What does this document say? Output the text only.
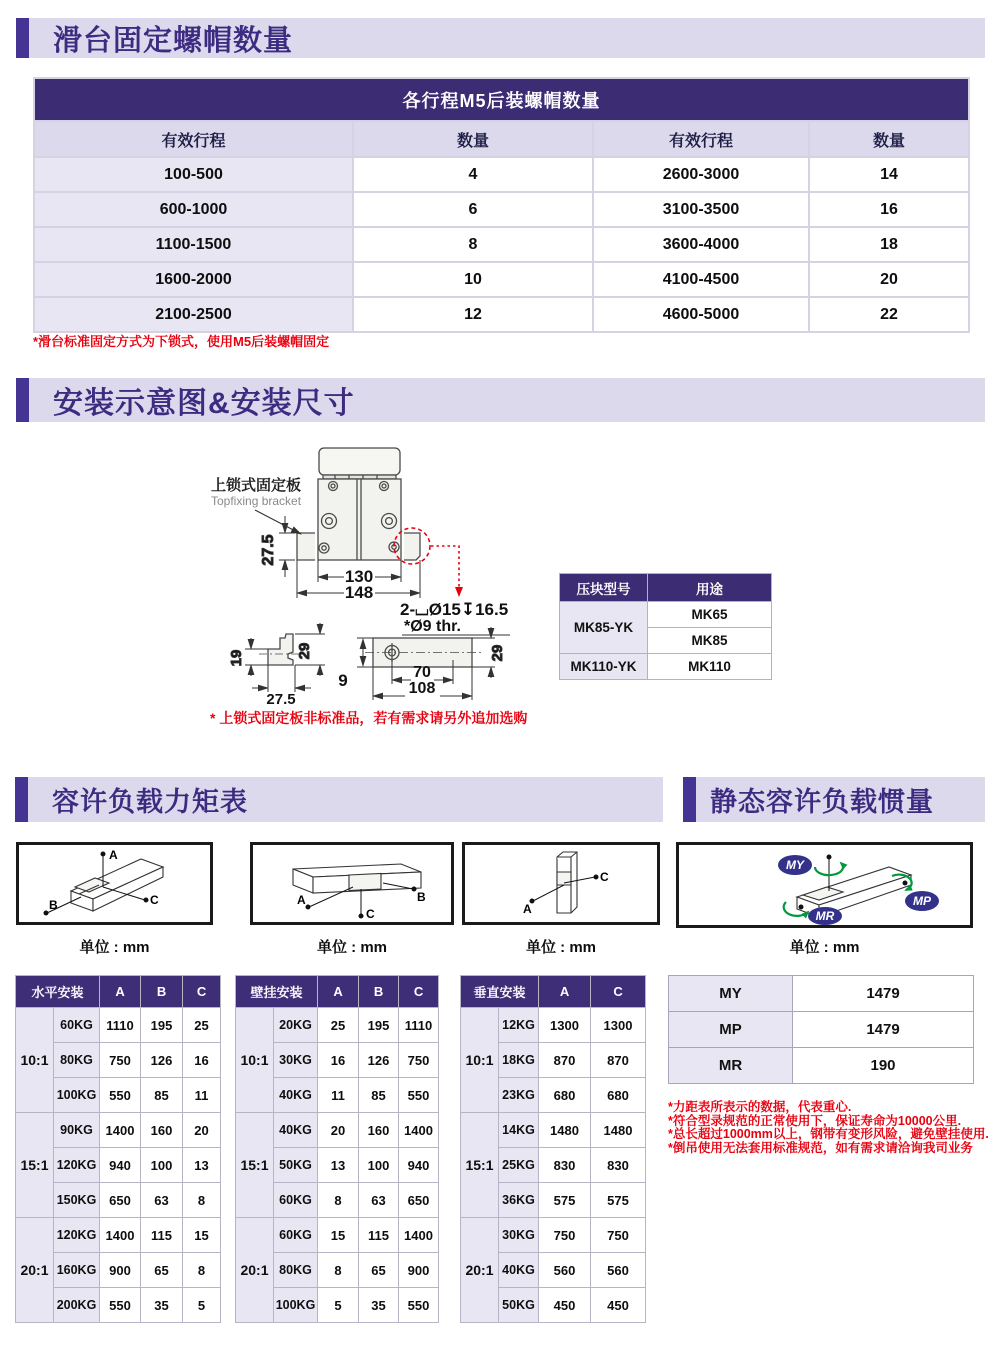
滑台固定螺帽数量
各行程M5后装螺帽数量			
有效行程	数量	有效行程	数量
100-500	4	2600-3000	14
600-1000	6	3100-3500	16
1100-1500	8	3600-4000	18
1600-2000	10	4100-4500	20
2100-2500	12	4600-5000	22
*滑台标准固定方式为下锁式，使用M5后装螺帽固定
安装示意图&安装尺寸
上锁式固定板
Topfixing bracket
27.5
130
148
2-⌴Ø15↧16.5
*Ø9 thr.
19	29
27.5
9	70
108
29
压块型号	用途
MK85-YK	MK65
	MK85
MK110-YK	MK110
* 上锁式固定板非标准品，若有需求请另外追加选购
容许负载力矩表	静态容许负载惯量
A
B	C	A	B
C	A
C
MY
MP
MR
单位 : mm	单位 : mm	单位 : mm	单位 : mm
水平安装		A	B	C
10:1	60KG	1110	195	25
	80KG	750	126	16
	100KG	550	85	11
15:1	90KG	1400	160	20
	120KG	940	100	13
	150KG	650	63	8
20:1	120KG	1400	115	15
	160KG	900	65	8
	200KG	550	35	5
壁挂安装		A	B	C
10:1	20KG	25	195	1110
	30KG	16	126	750
	40KG	11	85	550
15:1	40KG	20	160	1400
	50KG	13	100	940
	60KG	8	63	650
20:1	60KG	15	115	1400
	80KG	8	65	900
	100KG	5	35	550
垂直安装		A	C
10:1	12KG	1300	1300
	18KG	870	870
	23KG	680	680
15:1	14KG	1480	1480
	25KG	830	830
	36KG	575	575
20:1	30KG	750	750
	40KG	560	560
	50KG	450	450
MY	1479
MP	1479
MR	190
*力距表所表示的数据，代表重心.
*符合型录规范的正常使用下，保证寿命为10000公里.
*总长超过1000mm以上，钢带有变形风险，避免壁挂使用.
*倒吊使用无法套用标准规范，如有需求请洽询我司业务
